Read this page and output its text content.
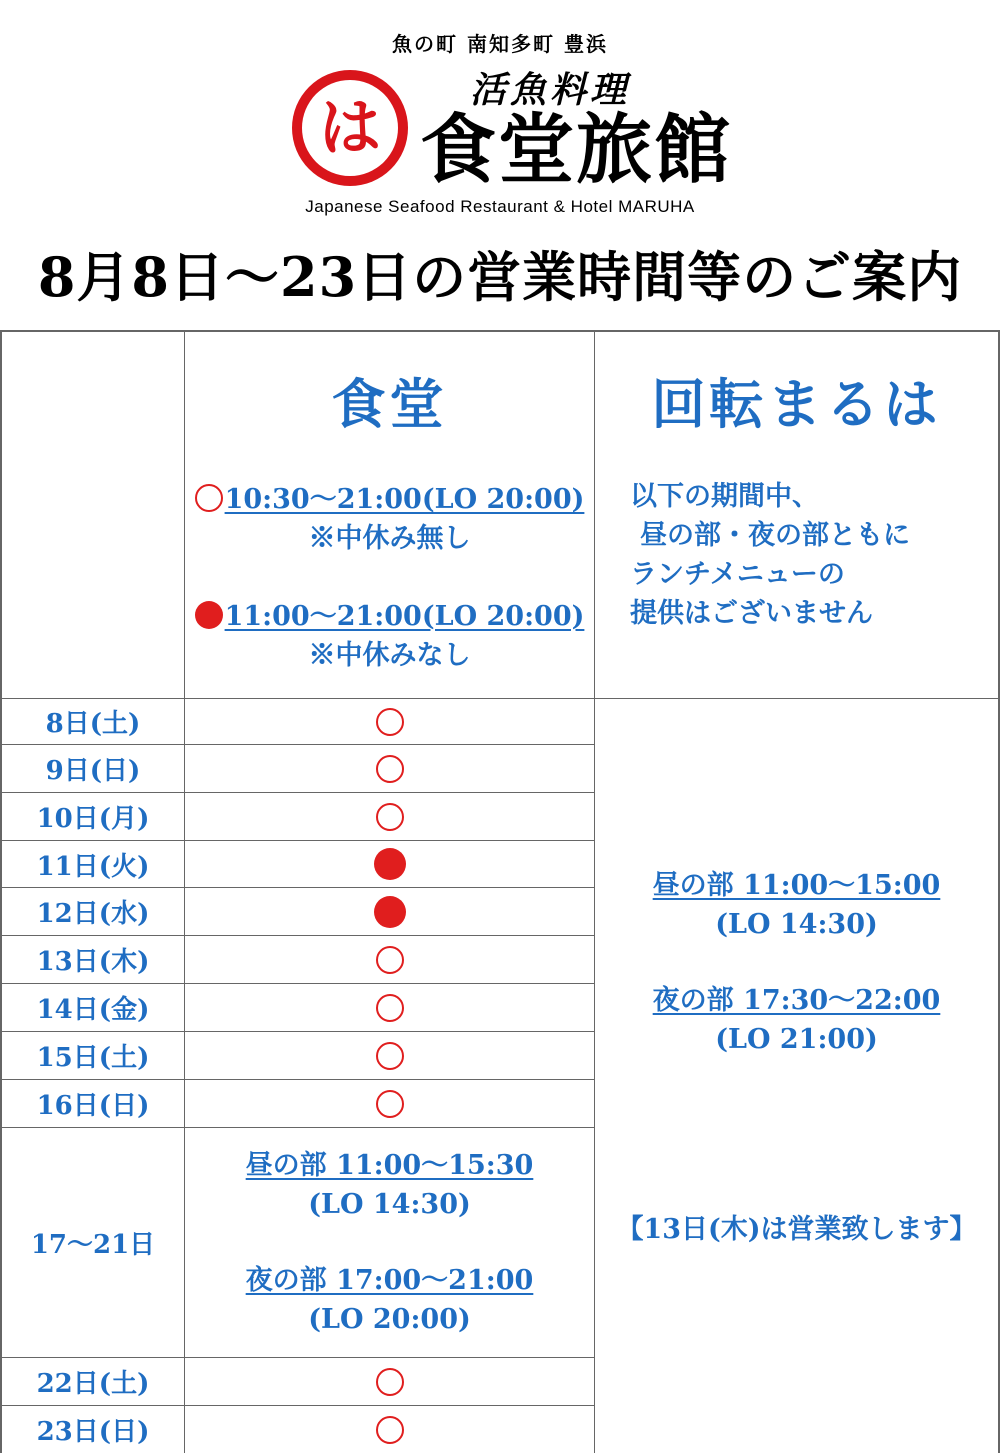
魚の町 南知多町 豊浜
は
活魚料理
食堂旅館
Japanese Seafood Restaurant & Hotel MARUHA
8月8日～23日の営業時間等のご案内
食堂	回転まるは
10:30～21:00(LO 20:00)
※中休み無し
11:00～21:00(LO 20:00)
※中休みなし
以下の期間中、
昼の部・夜の部ともに
ランチメニューの
提供はございません
8日(土)
9日(日)
10日(月)
11日(火)
12日(水)
13日(木)
14日(金)
15日(土)
16日(日)
17～21日
22日(土)
23日(日)
昼の部 11:00～15:30
(LO 14:30)
夜の部 17:00～21:00
(LO 20:00)
昼の部 11:00～15:00
(LO 14:30)
夜の部 17:30～22:00
(LO 21:00)
【13日(木)は営業致します】
